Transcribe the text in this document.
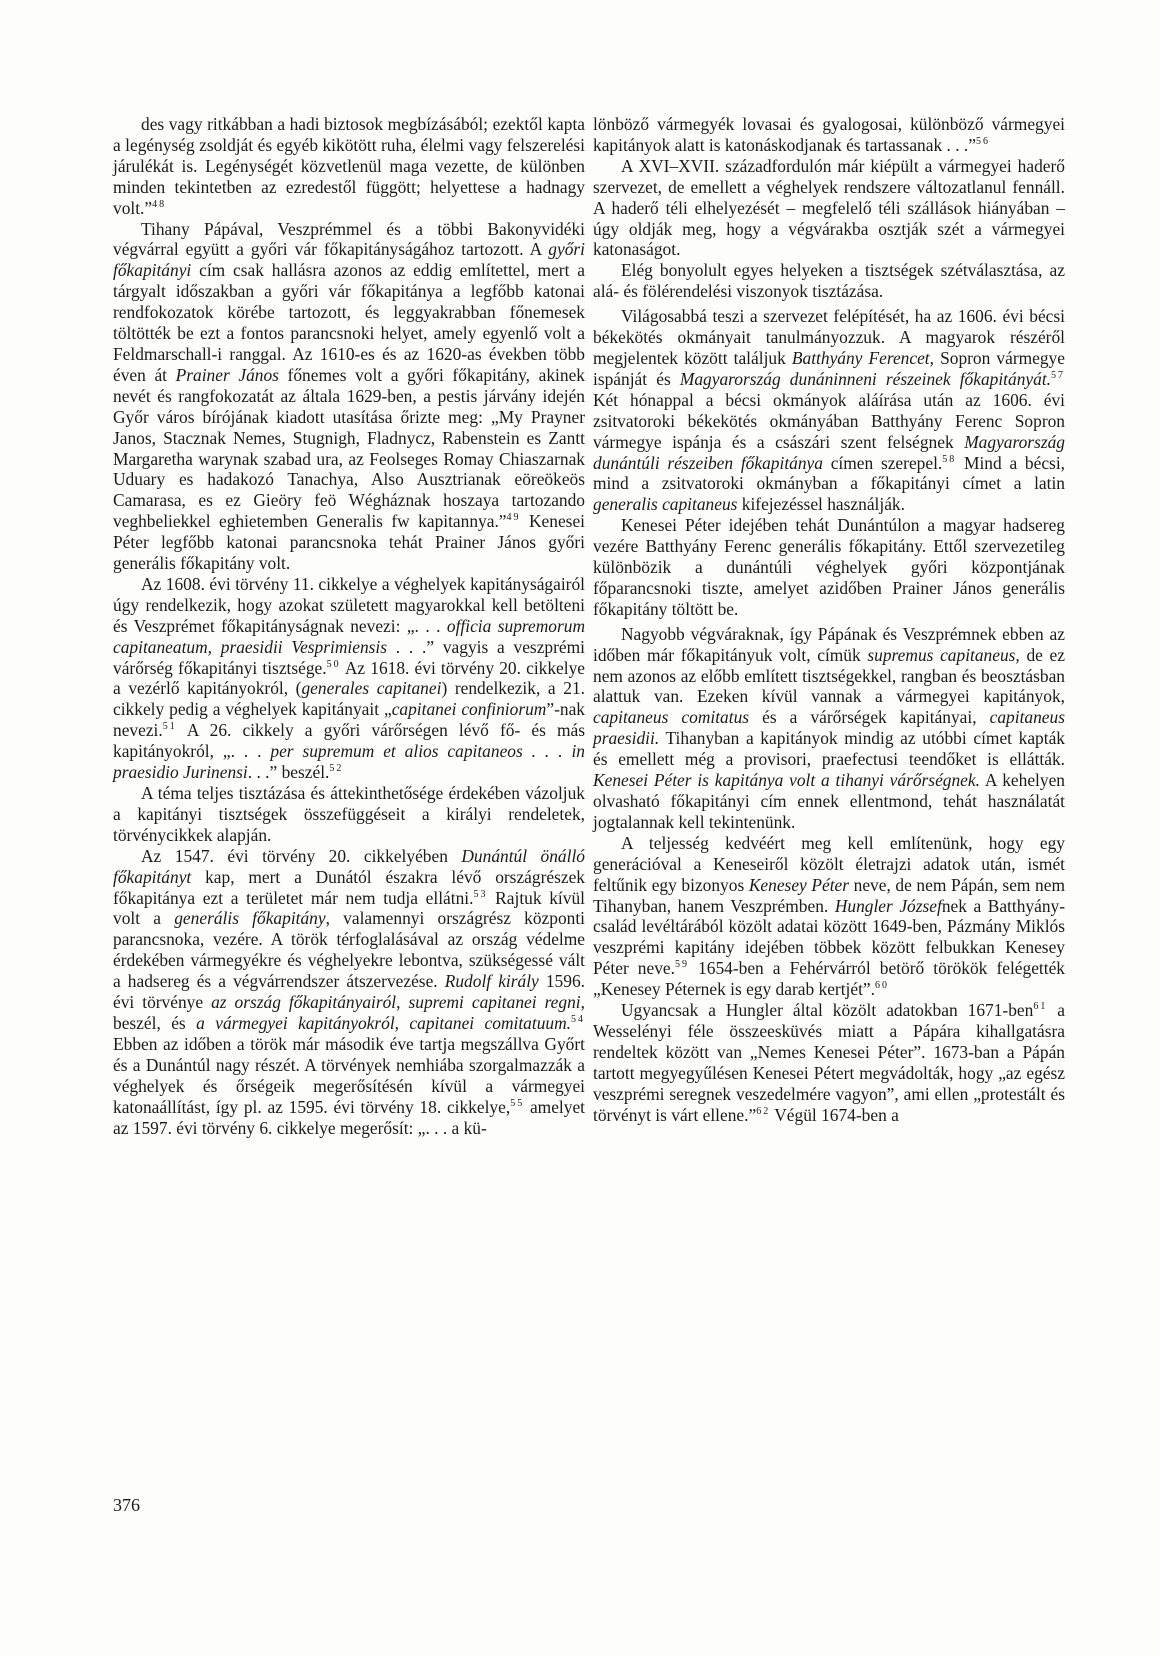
des vagy ritkábban a hadi biztosok megbízásából; ezektől kapta a legénység zsoldját és egyéb kikötött ruha, élelmi vagy felszerelési járulékát is. Legénységét közvetlenül maga vezette, de különben minden tekintetben az ezredestől függött; helyettese a hadnagy volt.”$^{48}$

Tihany Pápával, Veszprémmel és a többi Bakonyvidéki végvárral együtt a győri vár főkapitányságához tartozott. A győri főkapitányi cím csak hallásra azonos az eddig említettel, mert a tárgyalt időszakban a győri vár főkapitánya a legfőbb katonai rendfokozatok körébe tartozott, és leggyakrabban főnemesek töltötték be ezt a fontos parancsnoki helyet, amely egyenlő volt a Feldmarschall-i ranggal. Az 1610-es és az 1620-as években több éven át Prainer János főnemes volt a győri főkapitány, akinek nevét és rangfokozatát az általa 1629-ben, a pestis járvány idején Győr város bírójának kiadott utasítása őrizte meg: „My Prayner Janos, Stacznak Nemes, Stugnigh, Fladnycz, Rabenstein es Zantt Margaretha warynak szabad ura, az Feolseges Romay Chiaszarnak Uduary es hadakozó Tanachya, Also Ausztrianak eöreökeös Camarasa, es ez Gieöry feö Wégháznak hoszaya tartozando veghbeliekkel eghietemben Generalis fw kapitannya.”$^{49}$ Kenesei Péter legfőbb katonai parancsnoka tehát Prainer János győri generális főkapitány volt.

Az 1608. évi törvény 11. cikkelye a véghelyek kapitányságairól úgy rendelkezik, hogy azokat született magyarokkal kell betölteni és Veszprémet főkapitányságnak nevezi: „. . . officia supremorum capitaneatum, praesidii Vesprimiensis . . .” vagyis a veszprémi várőrség főkapitányi tisztsége.$^{50}$ Az 1618. évi törvény 20. cikkelye a vezérlő kapitányokról, (generales capitanei) rendelkezik, a 21. cikkely pedig a véghelyek kapitányait „capitanei confiniorum”-nak nevezi.$^{51}$ A 26. cikkely a győri várőrségen lévő fő- és más kapitányokról, „. . . per supremum et alios capitaneos . . . in praesidio Jurinensi. . .” beszél.$^{52}$

A téma teljes tisztázása és áttekinthetősége érdekében vázoljuk a kapitányi tisztségek összefüggéseit a királyi rendeletek, törvénycikkek alapján.

Az 1547. évi törvény 20. cikkelyében Dunántúl önálló főkapitányt kap, mert a Dunától északra lévő országrészek főkapitánya ezt a területet már nem tudja ellátni.$^{53}$ Rajtuk kívül volt a generális főkapitány, valamennyi országrész központi parancsnoka, vezére. A török térfoglalásával az ország védelme érdekében vármegyékre és véghelyekre lebontva, szükségessé vált a hadsereg és a végvárrendszer átszervezése. Rudolf király 1596. évi törvénye az ország főkapitányairól, supremi capitanei regni, beszél, és a vármegyei kapitányokról, capitanei comitatuum.$^{54}$ Ebben az időben a török már második éve tartja megszállva Győrt és a Dunántúl nagy részét. A törvények nemhiába szorgalmazzák a véghelyek és őrségeik megerősítésén kívül a vármegyei katonaállítást, így pl. az 1595. évi törvény 18. cikkelye,$^{55}$ amelyet az 1597. évi törvény 6. cikkelye megerősít: „. . . a kü-

lönböző vármegyék lovasai és gyalogosai, különböző vármegyei kapitányok alatt is katonáskodjanak és tartassanak . . .”$^{56}$

A XVI–XVII. századfordulón már kiépült a vármegyei haderő szervezet, de emellett a véghelyek rendszere változatlanul fennáll. A haderő téli elhelyezését – megfelelő téli szállások hiányában – úgy oldják meg, hogy a végvárakba osztják szét a vármegyei katonaságot.

Elég bonyolult egyes helyeken a tisztségek szétválasztása, az alá- és fölérendelési viszonyok tisztázása.

Világosabbá teszi a szervezet felépítését, ha az 1606. évi bécsi békekötés okmányait tanulmányozzuk. A magyarok részéről megjelentek között találjuk Batthyány Ferencet, Sopron vármegye ispánját és Magyarország dunáninneni részeinek főkapitányát.$^{57}$ Két hónappal a bécsi okmányok aláírása után az 1606. évi zsitvatoroki békekötés okmányában Batthyány Ferenc Sopron vármegye ispánja és a császári szent felségnek Magyarország dunántúli részeiben főkapitánya címen szerepel.$^{58}$ Mind a bécsi, mind a zsitvatoroki okmányban a főkapitányi címet a latin generalis capitaneus kifejezéssel használják.

Kenesei Péter idejében tehát Dunántúlon a magyar hadsereg vezére Batthyány Ferenc generális főkapitány. Ettől szervezetileg különbözik a dunántúli véghelyek győri központjának főparancsnoki tiszte, amelyet azidőben Prainer János generális főkapitány töltött be.

Nagyobb végváraknak, így Pápának és Veszprémnek ebben az időben már főkapitányuk volt, címük supremus capitaneus, de ez nem azonos az előbb említett tisztségekkel, rangban és beosztásban alattuk van. Ezeken kívül vannak a vármegyei kapitányok, capitaneus comitatus és a várőrségek kapitányai, capitaneus praesidii. Tihanyban a kapitányok mindig az utóbbi címet kapták és emellett még a provisori, praefectusi teendőket is ellátták. Kenesei Péter is kapitánya volt a tihanyi várőrségnek. A kehelyen olvasható főkapitányi cím ennek ellentmond, tehát használatát jogtalannak kell tekintenünk.

A teljesség kedvéért meg kell említenünk, hogy egy generációval a Keneseiről közölt életrajzi adatok után, ismét feltűnik egy bizonyos Kenesey Péter neve, de nem Pápán, sem nem Tihanyban, hanem Veszprémben. Hungler Józsefnek a Batthyány-család levéltárából közölt adatai között 1649-ben, Pázmány Miklós veszprémi kapitány idejében többek között felbukkan Kenesey Péter neve.$^{59}$ 1654-ben a Fehérvárról betörő törökök felégették „Kenesey Péternek is egy darab kertjét”.$^{60}$

Ugyancsak a Hungler által közölt adatokban 1671-ben$^{61}$ a Wesselényi féle összeesküvés miatt a Pápára kihallgatásra rendeltek között van „Nemes Kenesei Péter”. 1673-ban a Pápán tartott megyegyűlésen Kenesei Pétert megvádolták, hogy „az egész veszprémi seregnek veszedelmére vagyon”, ami ellen „protestált és törvényt is várt ellene.”$^{62}$ Végül 1674-ben a

376
